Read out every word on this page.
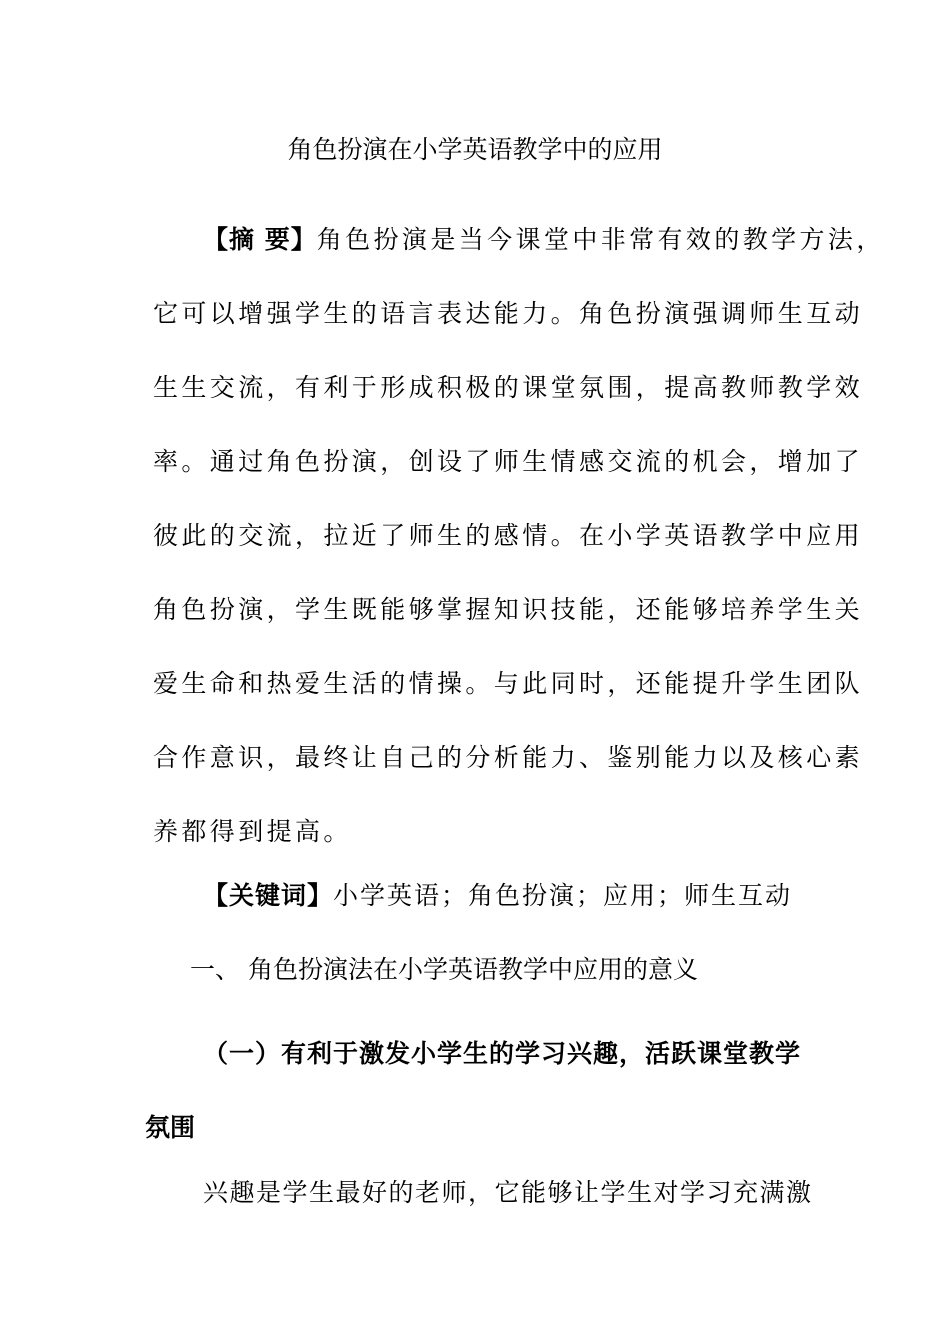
角色扮演在小学英语教学中的应用
【摘 要】角色扮演是当今课堂中非常有效的教学方法，
它可以增强学生的语言表达能力。角色扮演强调师生互动
生生交流，有利于形成积极的课堂氛围，提高教师教学效
率。通过角色扮演，创设了师生情感交流的机会，增加了
彼此的交流，拉近了师生的感情。在小学英语教学中应用
角色扮演，学生既能够掌握知识技能，还能够培养学生关
爱生命和热爱生活的情操。与此同时，还能提升学生团队
合作意识，最终让自己的分析能力、鉴别能力以及核心素
养都得到提高。
【关键词】小学英语；角色扮演；应用；师生互动
一、 角色扮演法在小学英语教学中应用的意义
（一）有利于激发小学生的学习兴趣，活跃课堂教学
氛围
兴趣是学生最好的老师，它能够让学生对学习充满激
